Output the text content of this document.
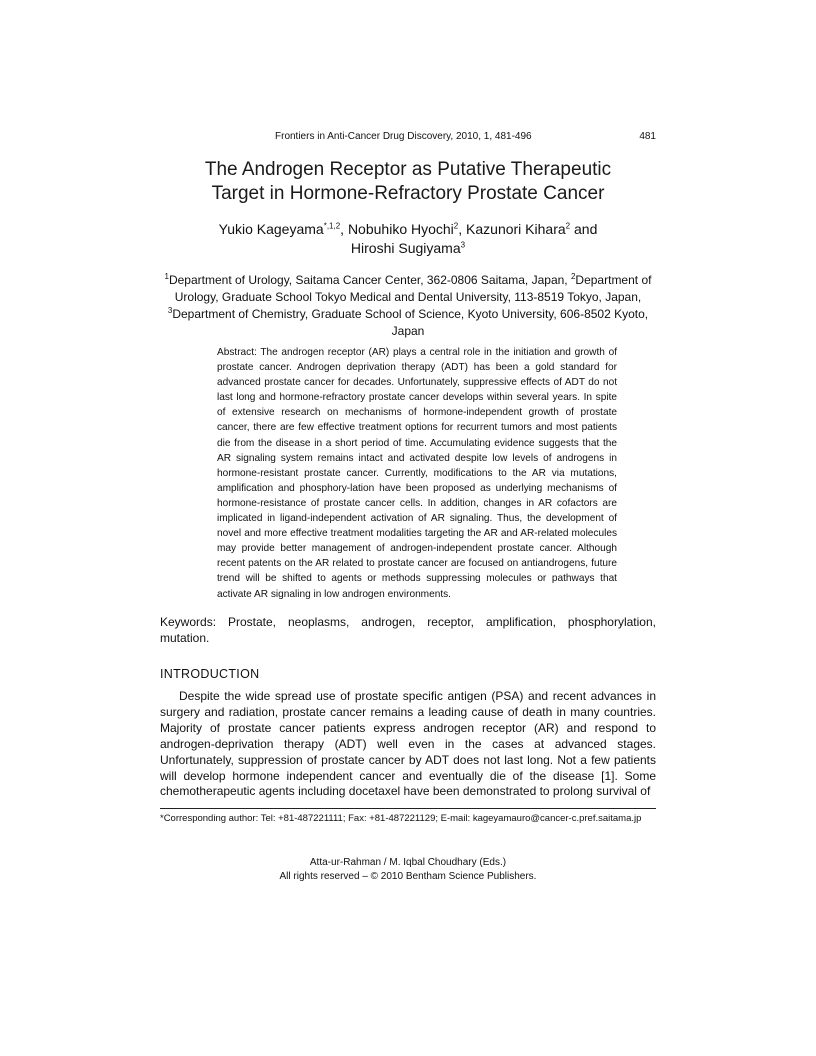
Frontiers in Anti-Cancer Drug Discovery, 2010, 1, 481-496	481
The Androgen Receptor as Putative Therapeutic
Target in Hormone-Refractory Prostate Cancer
Yukio Kageyama$^{*,1,2}$, Nobuhiko Hyochi$^2$, Kazunori Kihara$^2$ and
Hiroshi Sugiyama$^3$
$^1$Department of Urology, Saitama Cancer Center, 362-0806 Saitama, Japan, $^2$Department of Urology, Graduate School Tokyo Medical and Dental University, 113-8519 Tokyo, Japan, $^3$Department of Chemistry, Graduate School of Science, Kyoto University, 606-8502 Kyoto, Japan

Abstract: The androgen receptor (AR) plays a central role in the initiation and growth of prostate cancer. Androgen deprivation therapy (ADT) has been a gold standard for advanced prostate cancer for decades. Unfortunately, suppressive effects of ADT do not last long and hormone-refractory prostate cancer develops within several years. In spite of extensive research on mechanisms of hormone-independent growth of prostate cancer, there are few effective treatment options for recurrent tumors and most patients die from the disease in a short period of time. Accumulating evidence suggests that the AR signaling system remains intact and activated despite low levels of androgens in hormone-resistant prostate cancer. Currently, modifications to the AR via mutations, amplification and phosphory-lation have been proposed as underlying mechanisms of hormone-resistance of prostate cancer cells. In addition, changes in AR cofactors are implicated in ligand-independent activation of AR signaling. Thus, the development of novel and more effective treatment modalities targeting the AR and AR-related molecules may provide better management of androgen-independent prostate cancer. Although recent patents on the AR related to prostate cancer are focused on antiandrogens, future trend will be shifted to agents or methods suppressing molecules or pathways that activate AR signaling in low androgen environments.

Keywords: Prostate, neoplasms, androgen, receptor, amplification, phosphorylation, mutation.

INTRODUCTION

Despite the wide spread use of prostate specific antigen (PSA) and recent advances in surgery and radiation, prostate cancer remains a leading cause of death in many countries. Majority of prostate cancer patients express androgen receptor (AR) and respond to androgen-deprivation therapy (ADT) well even in the cases at advanced stages. Unfortunately, suppression of prostate cancer by ADT does not last long. Not a few patients will develop hormone independent cancer and eventually die of the disease [1]. Some chemotherapeutic agents including docetaxel have been demonstrated to prolong survival of

*Corresponding author: Tel: +81-487221111; Fax: +81-487221129; E-mail: kageyamauro@cancer-c.pref.saitama.jp

Atta-ur-Rahman / M. Iqbal Choudhary (Eds.)
All rights reserved – © 2010 Bentham Science Publishers.
